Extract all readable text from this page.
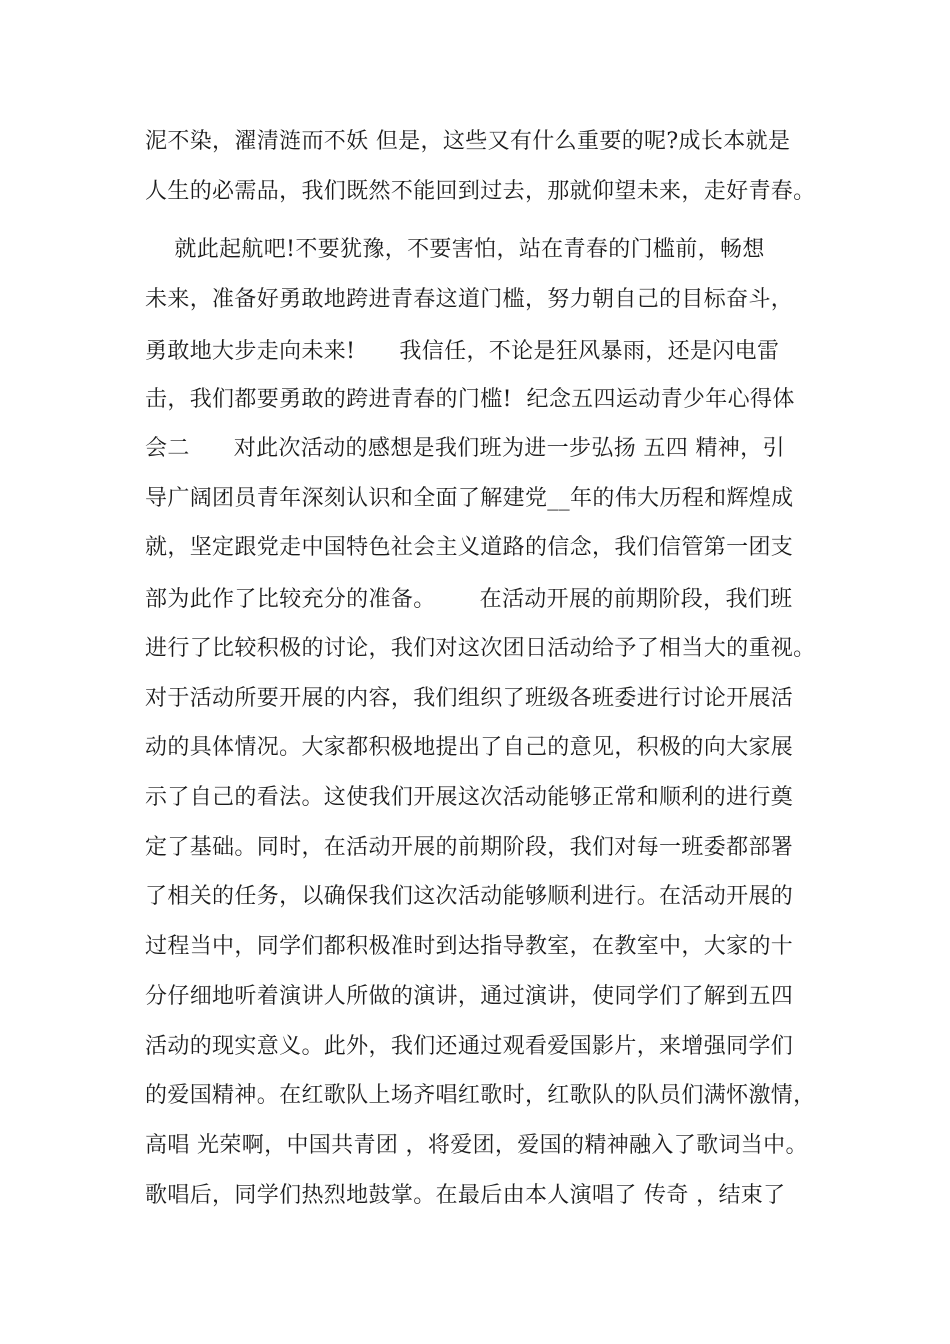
泥不染，濯清涟而不妖 但是，这些又有什么重要的呢?成长本就是
人生的必需品，我们既然不能回到过去，那就仰望未来，走好青春。
就此起航吧!不要犹豫，不要害怕，站在青春的门槛前，畅想
未来，准备好勇敢地跨进青春这道门槛，努力朝自己的目标奋斗，
勇敢地大步走向未来!      我信任，不论是狂风暴雨，还是闪电雷
击，我们都要勇敢的跨进青春的门槛!  纪念五四运动青少年心得体
会二      对此次活动的感想是我们班为进一步弘扬 五四 精神，引
导广阔团员青年深刻认识和全面了解建党__年的伟大历程和辉煌成
就，坚定跟党走中国特色社会主义道路的信念，我们信管第一团支
部为此作了比较充分的准备。      在活动开展的前期阶段，我们班
进行了比较积极的讨论，我们对这次团日活动给予了相当大的重视。
对于活动所要开展的内容，我们组织了班级各班委进行讨论开展活
动的具体情况。大家都积极地提出了自己的意见，积极的向大家展
示了自己的看法。这使我们开展这次活动能够正常和顺利的进行奠
定了基础。同时，在活动开展的前期阶段，我们对每一班委都部署
了相关的任务，以确保我们这次活动能够顺利进行。在活动开展的
过程当中，同学们都积极准时到达指导教室，在教室中，大家的十
分仔细地听着演讲人所做的演讲，通过演讲，使同学们了解到五四
活动的现实意义。此外，我们还通过观看爱国影片，来增强同学们
的爱国精神。在红歌队上场齐唱红歌时，红歌队的队员们满怀激情，
高唱 光荣啊，中国共青团 ，将爱团，爱国的精神融入了歌词当中。
歌唱后，同学们热烈地鼓掌。在最后由本人演唱了 传奇 ，结束了
